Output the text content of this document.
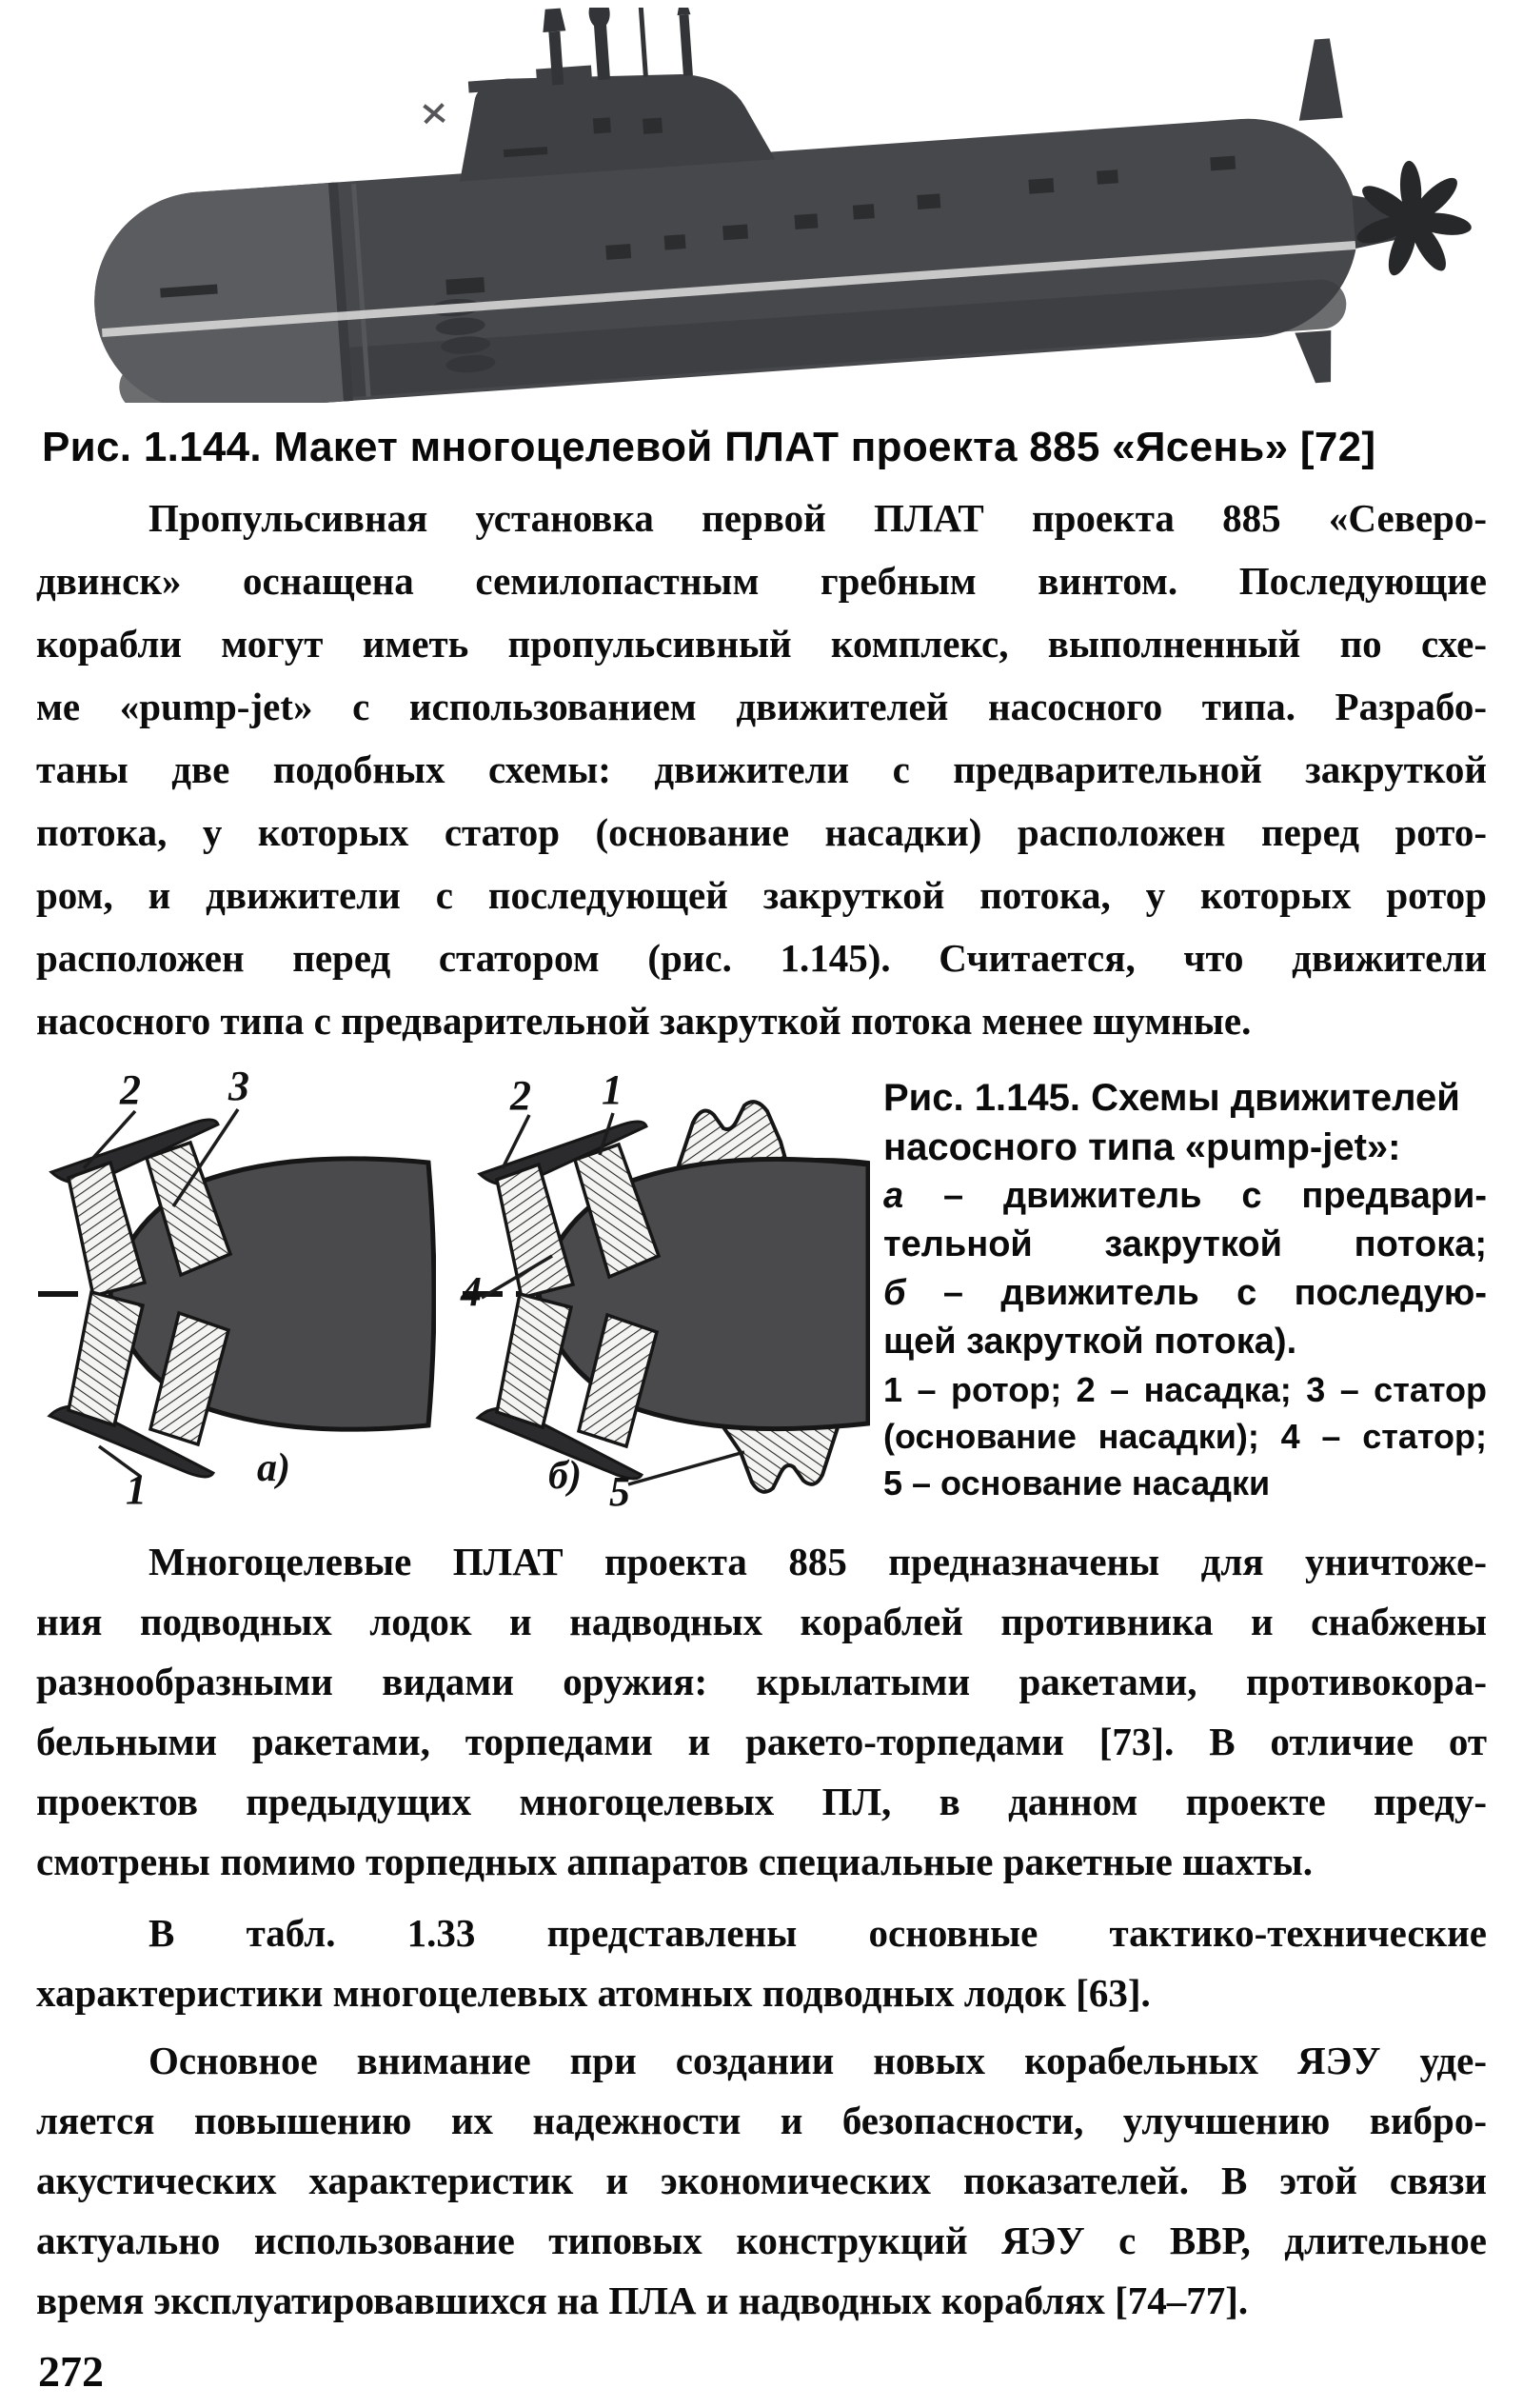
Рис. 1.144. Макет многоцелевой ПЛАТ проекта 885 «Ясень» [72]
Пропульсивная установка первой ПЛАТ проекта 885 «Северо-
двинск» оснащена семилопастным гребным винтом. Последующие
корабли могут иметь пропульсивный комплекс, выполненный по схе-
ме «pump-jet» с использованием движителей насосного типа. Разрабо-
таны две подобных схемы: движители с предварительной закруткой
потока, у которых статор (основание насадки) расположен перед рото-
ром, и движители с последующей закруткой потока, у которых ротор
расположен перед статором (рис. 1.145). Считается, что движители
насосного типа с предварительной закруткой потока менее шумные.
2 3
1	а)
2 1
4
5
б)
Рис. 1.145. Схемы движителей
насосного типа «pump-jet»:
а – движитель с предвари-
тельной закруткой потока;
б – движитель с последую-
щей закруткой потока).
1 – ротор; 2 – насадка; 3 – статор
(основание насадки); 4 – статор;
5 – основание насадки
Многоцелевые ПЛАТ проекта 885 предназначены для уничтоже-
ния подводных лодок и надводных кораблей противника и снабжены
разнообразными видами оружия: крылатыми ракетами, противокора-
бельными ракетами, торпедами и ракето-торпедами [73]. В отличие от
проектов предыдущих многоцелевых ПЛ, в данном проекте преду-
смотрены помимо торпедных аппаратов специальные ракетные шахты.
В табл. 1.33 представлены основные тактико-технические
характеристики многоцелевых атомных подводных лодок [63].
Основное внимание при создании новых корабельных ЯЭУ уде-
ляется повышению их надежности и безопасности, улучшению вибро-
акустических характеристик и экономических показателей. В этой связи
актуально использование типовых конструкций ЯЭУ с ВВР, длительное
время эксплуатировавшихся на ПЛА и надводных кораблях [74–77].
272
